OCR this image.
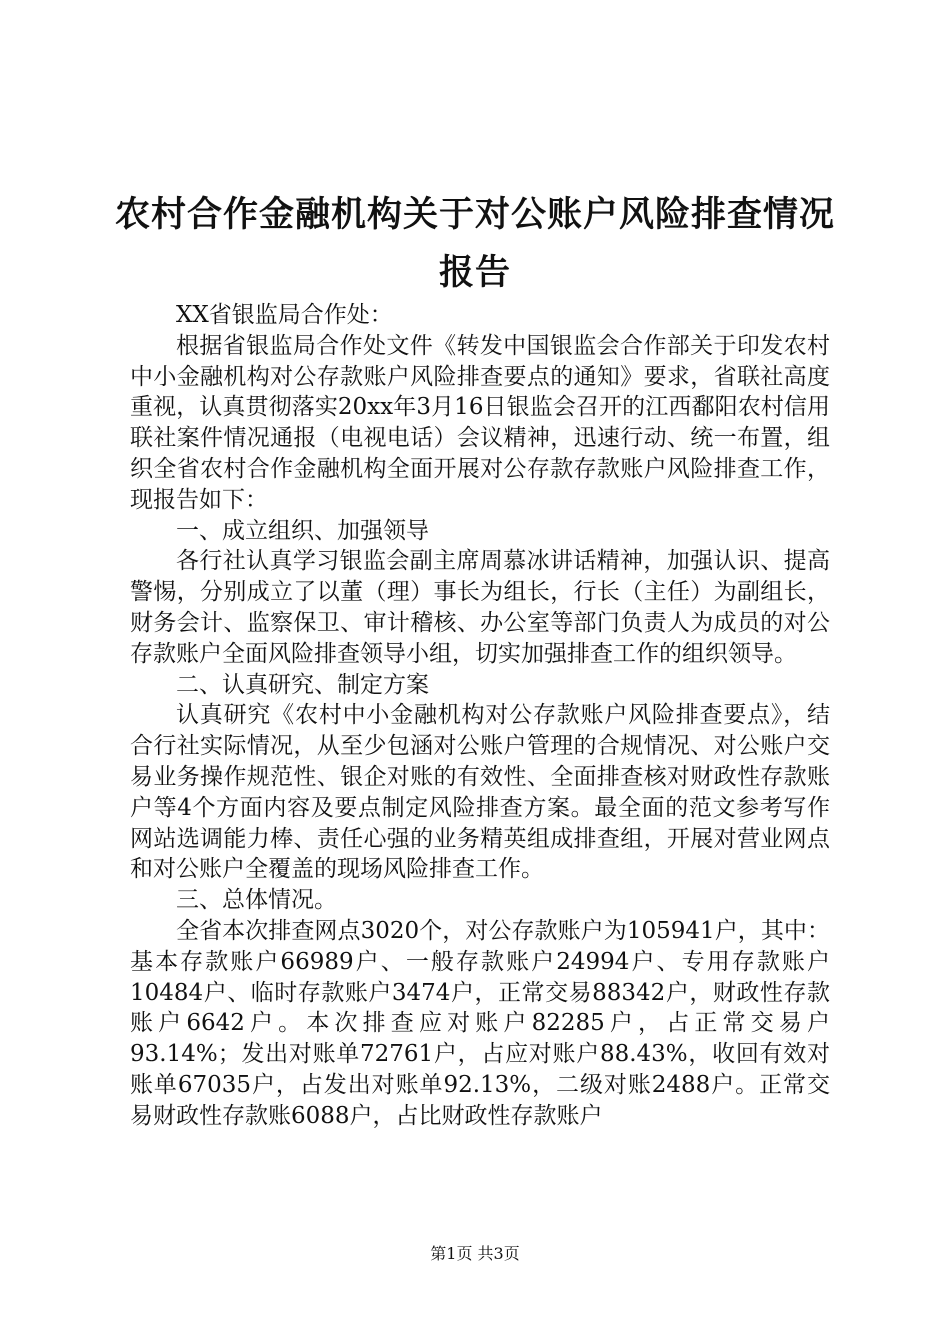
农村合作金融机构关于对公账户风险排查情况报告

XX省银监局合作处：

根据省银监局合作处文件《转发中国银监会合作部关于印发农村中小金融机构对公存款账户风险排查要点的通知》要求，省联社高度重视，认真贯彻落实20xx年3月16日银监会召开的江西鄱阳农村信用联社案件情况通报（电视电话）会议精神，迅速行动、统一布置，组织全省农村合作金融机构全面开展对公存款存款账户风险排查工作，现报告如下：

一、成立组织、加强领导

各行社认真学习银监会副主席周慕冰讲话精神，加强认识、提高警惕，分别成立了以董（理）事长为组长，行长（主任）为副组长，财务会计、监察保卫、审计稽核、办公室等部门负责人为成员的对公存款账户全面风险排查领导小组，切实加强排查工作的组织领导。

二、认真研究、制定方案

认真研究《农村中小金融机构对公存款账户风险排查要点》，结合行社实际情况，从至少包涵对公账户管理的合规情况、对公账户交易业务操作规范性、银企对账的有效性、全面排查核对财政性存款账户等4个方面内容及要点制定风险排查方案。最全面的范文参考写作网站选调能力棒、责任心强的业务精英组成排查组，开展对营业网点和对公账户全覆盖的现场风险排查工作。

三、总体情况。

全省本次排查网点3020个，对公存款账户为105941户，其中：基本存款账户66989户、一般存款账户24994户、专用存款账户10484户、临时存款账户3474户，正常交易88342户，财政性存款账户6642户。本次排查应对账户82285户，占正常交易户93.14%；发出对账单72761户，占应对账户88.43%，收回有效对账单67035户，占发出对账单92.13%，二级对账2488户。正常交易财政性存款账6088户，占比财政性存款账户

第1页 共3页
